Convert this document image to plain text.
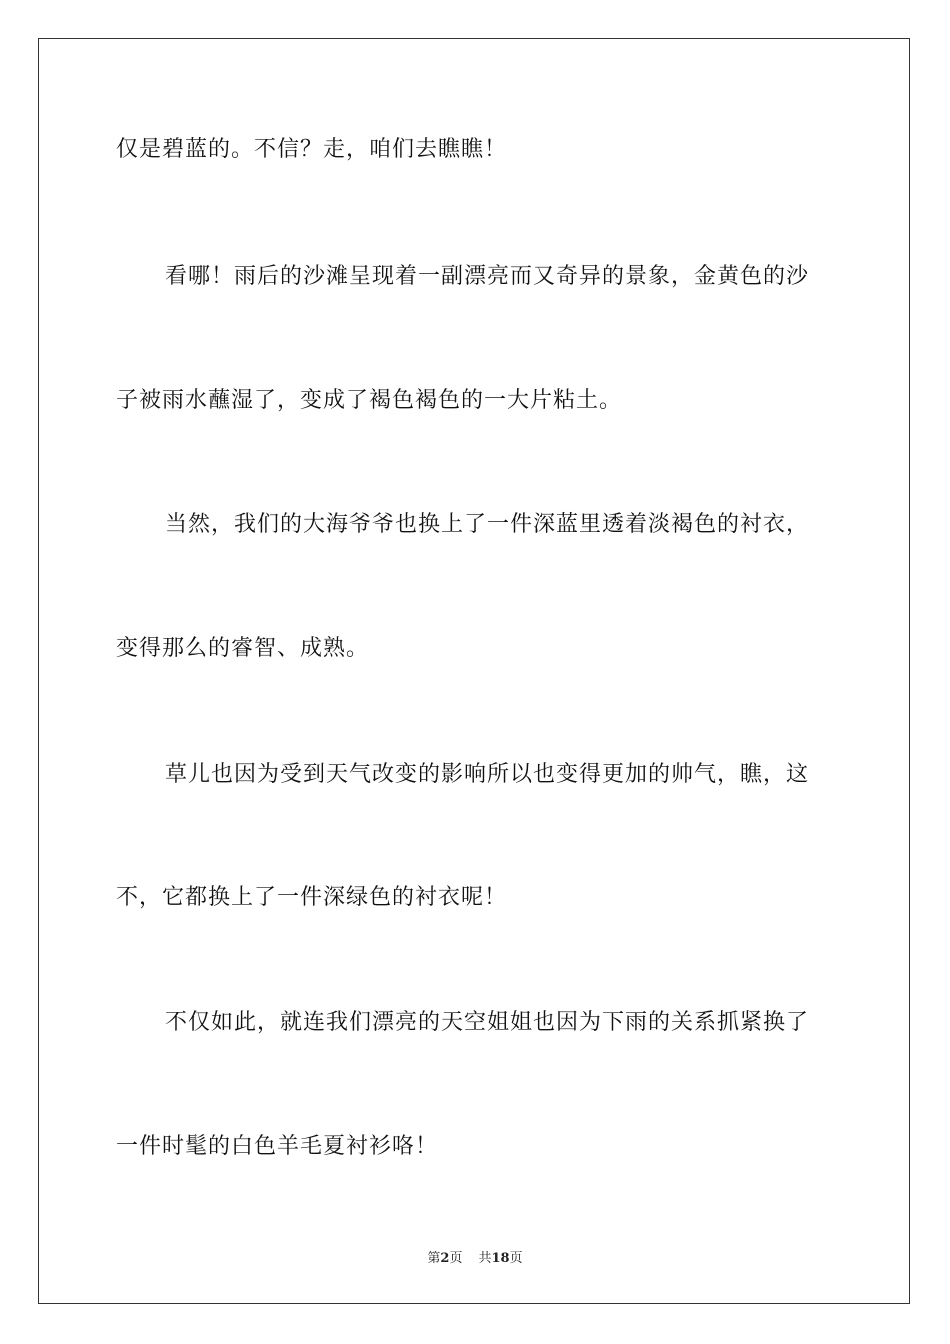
仅是碧蓝的。不信？走，咱们去瞧瞧！
看哪！雨后的沙滩呈现着一副漂亮而又奇异的景象，金黄色的沙
子被雨水蘸湿了，变成了褐色褐色的一大片粘土。
当然，我们的大海爷爷也换上了一件深蓝里透着淡褐色的衬衣，
变得那么的睿智、成熟。
草儿也因为受到天气改变的影响所以也变得更加的帅气，瞧，这
不，它都换上了一件深绿色的衬衣呢！
不仅如此，就连我们漂亮的天空姐姐也因为下雨的关系抓紧换了
一件时髦的白色羊毛夏衬衫咯！
第2页 共18页
